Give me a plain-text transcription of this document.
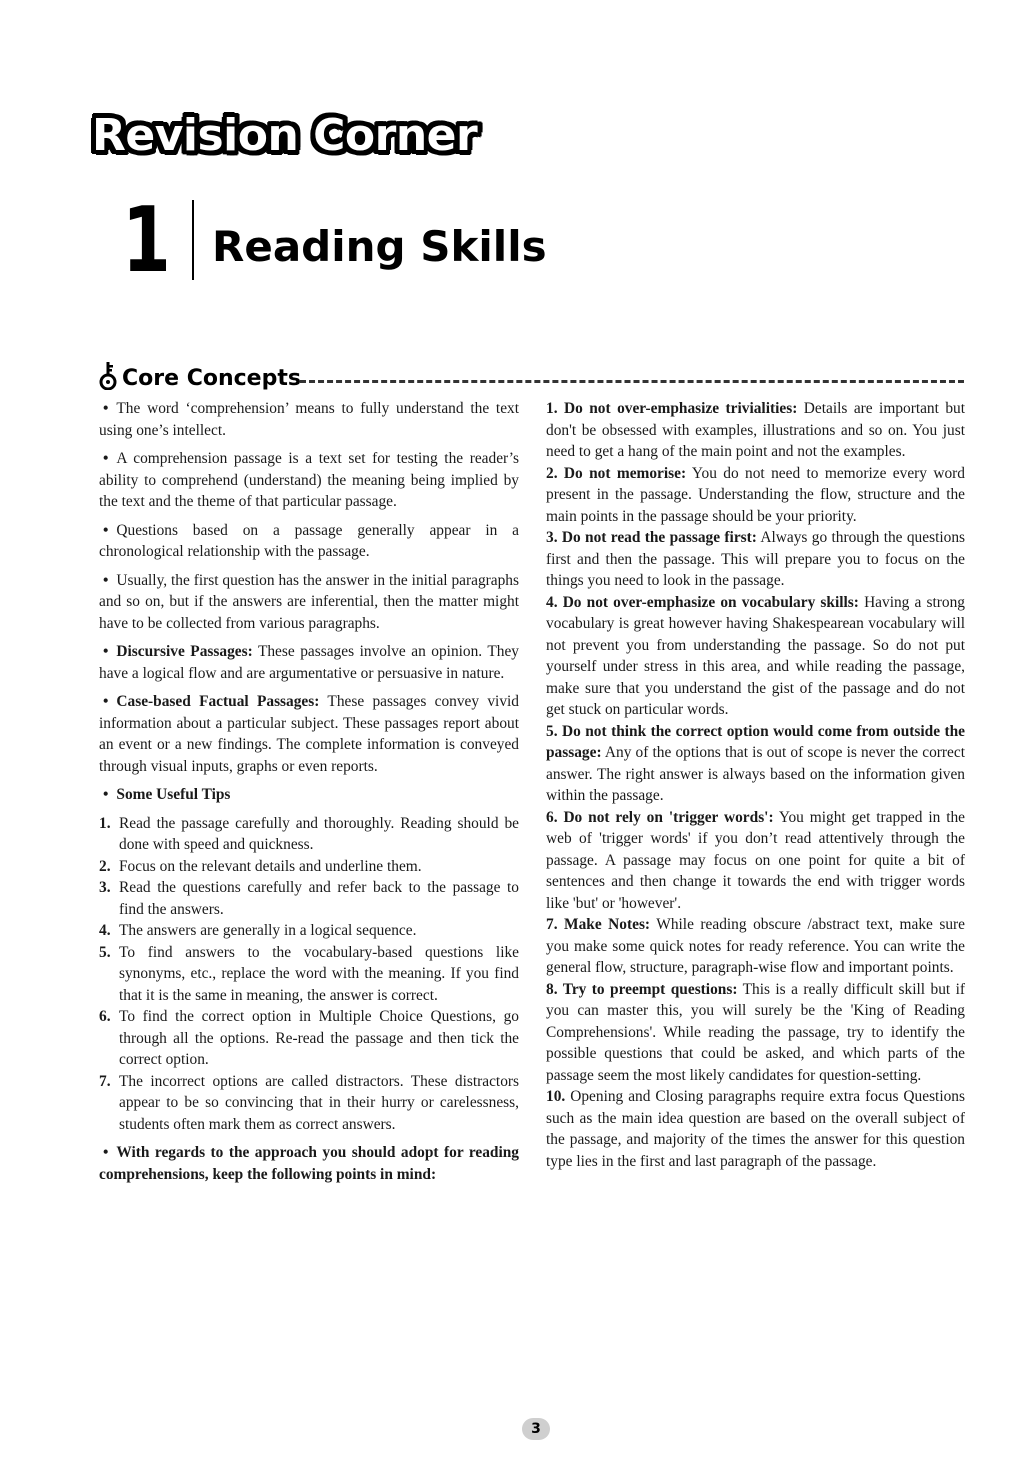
Revision Corner
1 Reading Skills
Core Concepts

• The word ‘comprehension’ means to fully understand the text using one’s intellect.

• A comprehension passage is a text set for testing the reader’s ability to comprehend (understand) the meaning being implied by the text and the theme of that particular passage.

• Questions based on a passage generally appear in a chronological relationship with the passage.

• Usually, the first question has the answer in the initial paragraphs and so on, but if the answers are inferential, then the matter might have to be collected from various paragraphs.

• Discursive Passages: These passages involve an opinion. They have a logical flow and are argumentative or persuasive in nature.

• Case-based Factual Passages: These passages convey vivid information about a particular subject. These passages report about an event or a new findings. The complete information is conveyed through visual inputs, graphs or even reports.

• Some Useful Tips

1. Read the passage carefully and thoroughly. Reading should be done with speed and quickness.
2. Focus on the relevant details and underline them.
3. Read the questions carefully and refer back to the passage to find the answers.
4. The answers are generally in a logical sequence.
5. To find answers to the vocabulary-based questions like synonyms, etc., replace the word with the meaning. If you find that it is the same in meaning, the answer is correct.
6. To find the correct option in Multiple Choice Questions, go through all the options. Re-read the passage and then tick the correct option.
7. The incorrect options are called distractors. These distractors appear to be so convincing that in their hurry or carelessness, students often mark them as correct answers.

• With regards to the approach you should adopt for reading comprehensions, keep the following points in mind:

1. Do not over-emphasize trivialities: Details are important but don't be obsessed with examples, illustrations and so on. You just need to get a hang of the main point and not the examples.

2. Do not memorise: You do not need to memorize every word present in the passage. Understanding the flow, structure and the main points in the passage should be your priority.

3. Do not read the passage first: Always go through the questions first and then the passage. This will prepare you to focus on the things you need to look in the passage.

4. Do not over-emphasize on vocabulary skills: Having a strong vocabulary is great however having Shakespearean vocabulary will not prevent you from understanding the passage. So do not put yourself under stress in this area, and while reading the passage, make sure that you understand the gist of the passage and do not get stuck on particular words.

5. Do not think the correct option would come from outside the passage: Any of the options that is out of scope is never the correct answer. The right answer is always based on the information given within the passage.

6. Do not rely on 'trigger words': You might get trapped in the web of 'trigger words' if you don’t read attentively through the passage. A passage may focus on one point for quite a bit of sentences and then change it towards the end with trigger words like 'but' or 'however'.

7. Make Notes: While reading obscure /abstract text, make sure you make some quick notes for ready reference. You can write the general flow, structure, paragraph-wise flow and important points.

8. Try to preempt questions: This is a really difficult skill but if you can master this, you will surely be the 'King of Reading Comprehensions'. While reading the passage, try to identify the possible questions that could be asked, and which parts of the passage seem the most likely candidates for question-setting.

10. Opening and Closing paragraphs require extra focus Questions such as the main idea question are based on the overall subject of the passage, and majority of the times the answer for this question type lies in the first and last paragraph of the passage.

3
